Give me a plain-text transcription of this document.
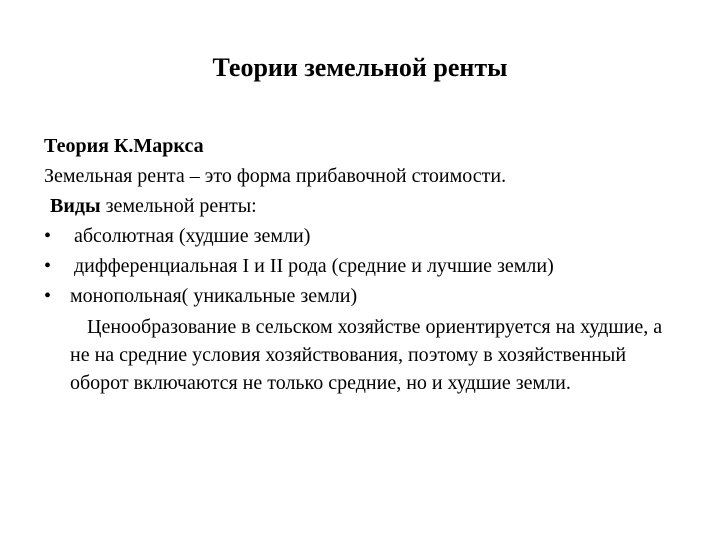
Теории земельной ренты
Теория К.Маркса
Земельная рента – это форма прибавочной стоимости.
Виды земельной ренты:
•	абсолютная (худшие земли)
•	дифференциальная I и II рода (средние и лучшие земли)
• монопольная( уникальные земли)
Ценообразование в сельском хозяйстве ориентируется на худшие, а не на средние условия хозяйствования, поэтому в хозяйственный оборот включаются не только средние, но и худшие земли.
